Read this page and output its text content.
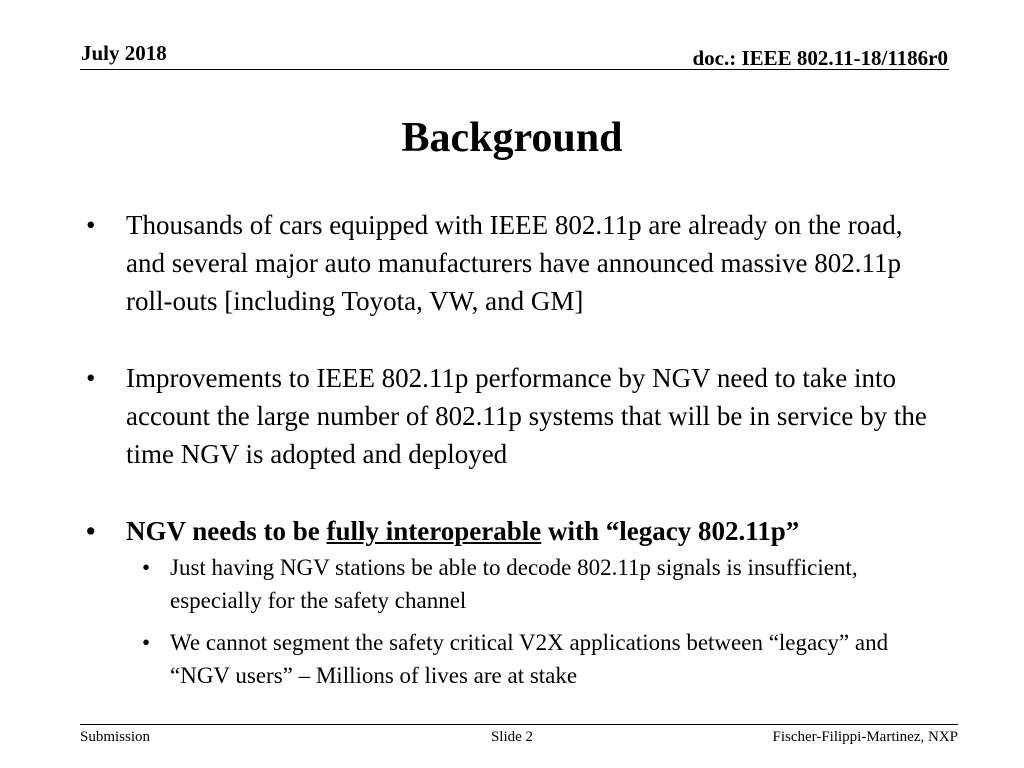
July 2018	doc.: IEEE 802.11-18/1186r0
Background
• Thousands of cars equipped with IEEE 802.11p are already on the road, and several major auto manufacturers have announced massive 802.11p roll-outs [including Toyota, VW, and GM]
• Improvements to IEEE 802.11p performance by NGV need to take into account the large number of 802.11p systems that will be in service by the time NGV is adopted and deployed
• NGV needs to be fully interoperable with “legacy 802.11p”
• Just having NGV stations be able to decode 802.11p signals is insufficient, especially for the safety channel
• We cannot segment the safety critical V2X applications between “legacy” and “NGV users” – Millions of lives are at stake
Submission	Slide 2	Fischer-Filippi-Martinez, NXP
